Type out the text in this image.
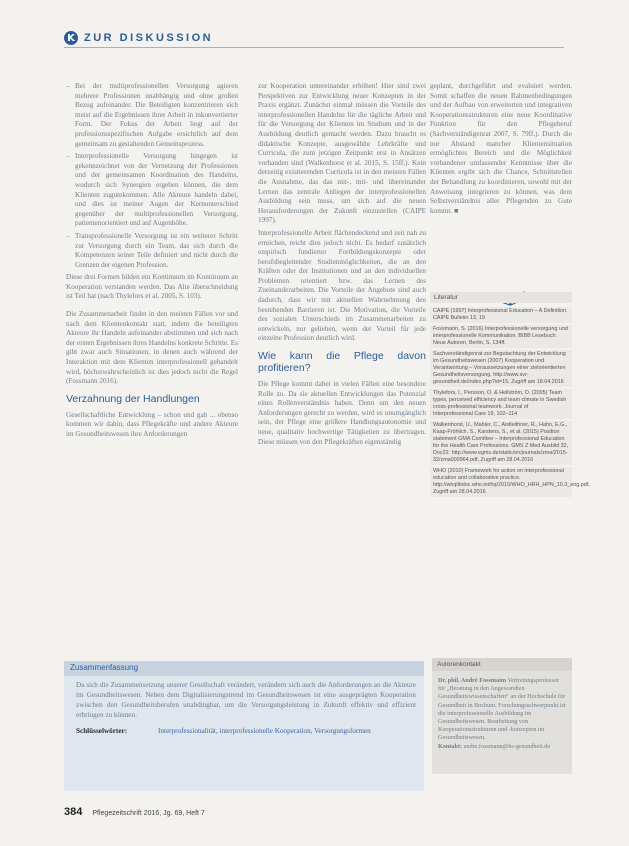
K ZUR DISKUSSION
– Bei der multiprofessionellen Versorgung agieren mehrere Professionen unabhängig und ohne großen Bezug aufeinander. Die Beteiligten konzentrieren sich meist auf die Ergebnissen ihrer Arbeit in inkonvertierter Form. Der Fokus der Arbeit liegt auf der professionsspezifischen Aufgabe ersichtlich auf dem gemeinsam zu gestaltenden Gemeinsprozess.
– Interprofessionelle Versorgung hingegen ist gekennzeichnet von der Vernetzung der Professionen und der gemeinsamen Koordination des Handelns, wodurch sich Synergien ergeben können, die dem Klienten zugutekommen. Alle Akteure handeln dabei, und dies ist meiner Augen der Kernunterschied gegenüber der multiprofessionellen Versorgung, patientenorientiert und auf Augenhöhe.
– Transprofessionelle Versorgung ist ein weiterer Schritt zur Versorgung durch ein Team, das sich durch die Kompetenzen seiner Teile definiert und nicht durch die Grenzen der eigenen Profession.

Diese drei Formen bilden ein Kontinuum im Kontinuum an Kooperation verstanden werden. Das Alte überschneidung ist Teil hat (nach Thylefors et al. 2005, S. 103).

Die Zusammenarbeit findet in den meisten Fällen vor und nach dem Klientenkontakt statt, indem die beteiligten Akteure ihr Handeln aufeinander abstimmen und sich nach der ersten Ergebnissen ihres Handelns konkrete Schritte. Es gibt zwar auch Situationen, in denen auch während der Interaktion mit dem Klienten interprofessionell gehandelt wird, höchstwahrscheinlich ist dies jedoch nicht die Regel (Fossmann 2016).

Verzahnung der Handlungen

Gesellschaftliche Entwicklung – schon und gab ... ebenso kommen wir dahin, dass Pflegekräfte und andere Akteure im Gesundheitswesen ihre Anforderungen

zur Kooperation untereinander erhöhen! Hier sind zwei Perspektiven zur Entwicklung neuer Konzepten in der Praxis ergänzt. Zunächst einmal müssen die Vorteile des interprofessionellen Handelns für die tägliche Arbeit und für die Versorgung der Klienten im Studium und in der Ausbildung deutlich gemacht werden. Dazu braucht es didaktische Konzepte, ausgewählte Lehrkräfte und Curricula, die zum jetzigen Zeitpunkt erst in Ansätzen vorhanden sind (Walkenhorst et al. 2015, S. 15ff.). Kein derzeitig existierenden Curricula ist in den meisten Fällen die Ausnahme, das das mit-, mit- und übereinander Lernen das zentrale Anliegen der interprofessionellen Ausbildung sein muss, um sich auf die neuen Herausforderungen der Zukunft einzustellen (CAIPE 1997).

Interprofessionelle Arbeit flächendeckend und zeit nah zu erreichen, reicht dies jedoch nicht. Es bedarf zusätzlich empirisch fundierter Fortbildungskonzepte oder berufsbegleitender Studienmöglichkeiten, die an den Kräften oder der Institutionen und an den individuellen Problemen orientiert bzw. das Lernen des Zueinanderarbeiten. Die Vorteile der Angebote sind auch dadurch, dass wir mit aktuellen Wahrnehmung den bestehenden Barrieren ist. Die Motivation, die Vorteile des sozialen Unterschieds im Zusammenarbeiten zu entwickeln, nur geliehen, wenn der Vorteil für jede einzelne Profession deutlich wird.

Wie kann die Pflege davon profitieren?

Die Pflege kommt dabei in vielen Fällen eine besondere Rolle zu. Da sie aktuellen Entwicklungen das Potenzial eines Rollenverständnis haben. Denn um den neuen Anforderungen gerecht zu werden, wird es unumgänglich sein, der Pflege eine größere Handlungsautonomie und neue, qualitativ hochwertige Tätigkeiten zu übertragen. Diese müssen von den Pflegekräften eigenständig

geplant, durchgeführt und evaluiert werden. Somit schaffen die neuen Rahmenbedingungen und der Aufbau von erweiterten und integrativen Kooperationsstrukturen eine neue Koordinative Funktion für den Pflegeberuf (Sachverständigenrat 2007, S. 79ff.). Durch die nur Abstand mancher Klientensituation ermöglichtes Bereich und die Möglichkeit vorhandener umfassender Kenntnisse über die Klienten ergibt sich die Chance, Schnittstellen der Behandlung zu koordinieren, sowohl mit der Anweisung integrieren zu können, was dem Selbstverständnis aller Pflegenden zu Gute kommt. ■

Literatur
CAIPE (1997) Interprofessional Education – A Definition. CAIPE Bulletin 13, 19
Fossmann, S. (2016) Interprofessionelle versorgung und interprofessionelle Kommunikation. BIBB Lesebuch. Neue Autoren, Berlin, S. 134ff.
Sachverständigenrat zur Begutachtung der Entwicklung im Gesundheitswesen (2007) Kooperation und Verantwortung – Voraussetzungen einer zielorientierten Gesundheitsversorgung. http://www.svr-gesundheit.de/index.php?id=15, Zugriff am 18.04.2016
Thylefors, I., Persson, O. & Hellström, D. (2005) Team types, perceived efficiency and team climate in Swedish cross-professional teamwork. Journal of Interprofessional Care 19, 102–114
Walkenhorst, U., Mahler, C., Aistleithner, R., Hahn, E.G., Kaap-Fröhlich, S., Karstens, S., et al. (2015) Position statement GMA Comittee – Interprofessional Education for the Health Care Professions. GMS Z Med Ausbild 32, Doc22. http://www.egms.de/static/en/journals/zma/2015-32/zma000964.pdf, Zugriff am 28.04.2016
WHO (2010) Framework for action on interprofessional education and collaborative practice. http://whqlibdoc.who.int/hq/2010/WHO_HRH_HPN_10.3_eng.pdf, Zugriff am 28.04.2016
Zusammenfassung
Da sich die Zusammensetzung unserer Gesellschaft verändert, verändern sich auch die Anforderungen an die Akteure im Gesundheitswesen. Neben dem Digitalisierungstrend im Gesundheitswesen ist eine ausgeprägten Kooperation zwischen den Gesundheitsberufen unabdingbar, um die Versorgungsleistung in Zukunft effektiv und effizient erbringen zu können.
Schlüsselwörter:	Interprofessionalität, interprofessionelle Kooperation, Versorgungsformen
Autorenkontakt
Dr. phil. André Fossmann Vertretungsprofessor für „Beratung in den Angewandten Gesundheitswissenschaften“ an der Hochschule für Gesundheit in Bochum. Forschungsschwerpunkt ist die interprofessionelle Ausbildung im Gesundheitswesen. Bearbeitung von Kooperationsstrukturen und -konzepten im Gesundheitswesen.
Kontakt: andre.fossmann@hs-gesundheit.de
384 Pflegezeitschrift 2016, Jg. 69, Heft 7
